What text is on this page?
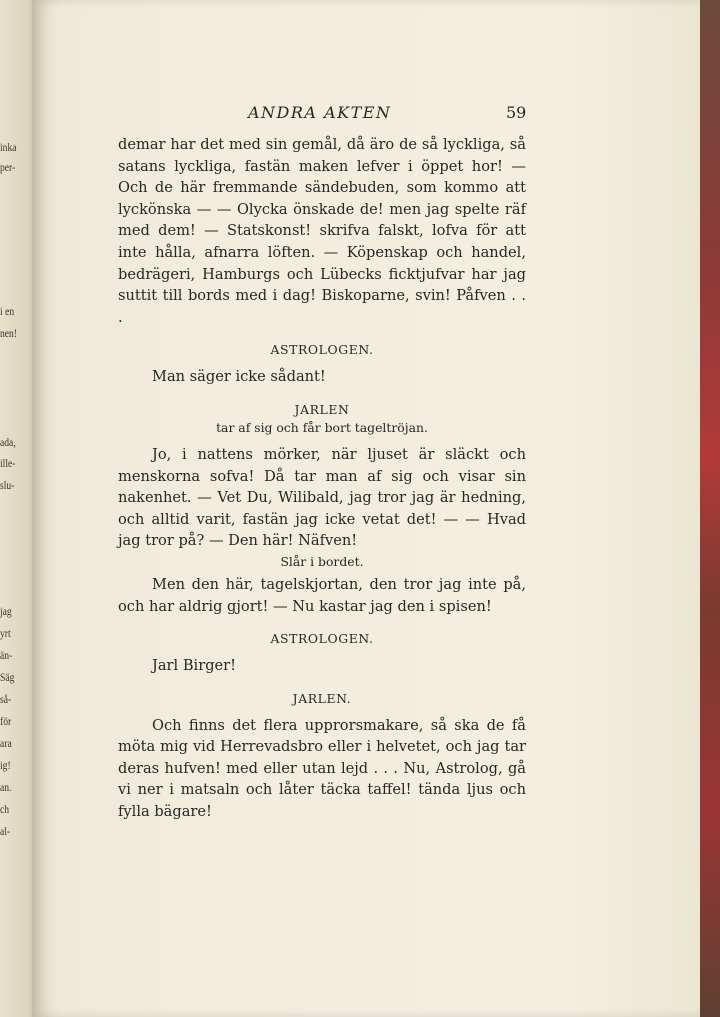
inka
per-
i en
nen!
ada,
ille-
slu-
jag
yrt
än-
Säg
så-
för
ara
ig!
an.
ch
al-
ANDRA AKTEN	59

demar har det med sin gemål, då äro de så lyckliga, så satans lyckliga, fastän maken lefver i öppet hor! — Och de här fremmande sändebuden, som kommo att lyckönska — — Olycka önskade de! men jag spelte räf med dem! — Statskonst! skrifva falskt, lofva för att inte hålla, afnarra löften. — Köpenskap och handel, bedrägeri, Hamburgs och Lübecks ficktjufvar har jag suttit till bords med i dag! Biskoparne, svin! Påfven . . .

ASTROLOGEN.

Man säger icke sådant!

JARLEN
tar af sig och får bort tageltröjan.

Jo, i nattens mörker, när ljuset är släckt och menskorna sofva! Då tar man af sig och visar sin nakenhet. — Vet Du, Wilibald, jag tror jag är hedning, och alltid varit, fastän jag icke vetat det! — — Hvad jag tror på? — Den här! Näfven!

Slår i bordet.

Men den här, tagelskjortan, den tror jag inte på, och har aldrig gjort! — Nu kastar jag den i spisen!

ASTROLOGEN.

Jarl Birger!

JARLEN.

Och finns det flera upprorsmakare, så ska de få möta mig vid Herrevadsbro eller i helvetet, och jag tar deras hufven! med eller utan lejd . . . Nu, Astrolog, gå vi ner i matsaln och låter täcka taffel! tända ljus och fylla bägare!
